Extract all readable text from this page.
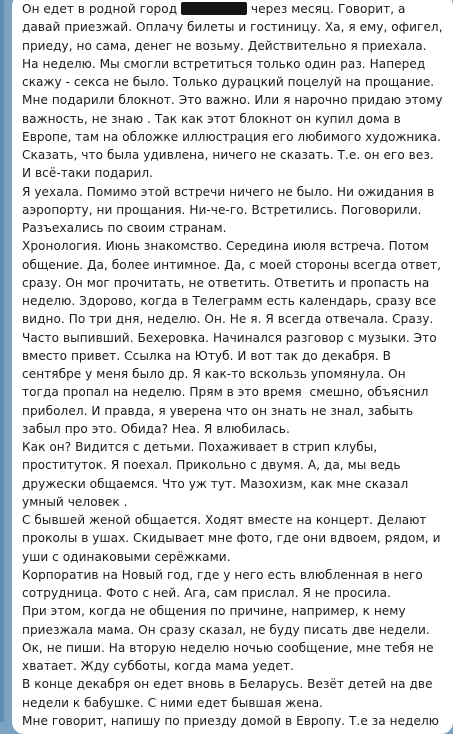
Он едет в родной город	через месяц. Говорит, а давай приезжай. Оплачу билеты и гостиницу. Ха, я ему, офигел, приеду, но сама, денег не возьму. Действительно я приехала. На неделю. Мы смогли встретиться только один раз. Наперед скажу - секса не было. Только дурацкий поцелуй на прощание. Мне подарили блокнот. Это важно. Или я нарочно придаю этому важность, не знаю . Так как этот блокнот он купил дома в Европе, там на обложке иллюстрация его любимого художника. Сказать, что была удивлена, ничего не сказать. Т.е. он его вез. И всё-таки подарил.

Я уехала. Помимо этой встречи ничего не было. Ни ожидания в аэропорту, ни прощания. Ни-че-го. Встретились. Поговорили. Разъехались по своим странам.

Хронология. Июнь знакомство. Середина июля встреча. Потом общение. Да, более интимное. Да, с моей стороны всегда ответ, сразу. Он мог прочитать, не ответить. Ответить и пропасть на неделю. Здорово, когда в Телеграмм есть календарь, сразу все видно. По три дня, неделю. Он. Не я. Я всегда отвечала. Сразу. Часто выпивший. Бехеровка. Начинался разговор с музыки. Это вместо привет. Ссылка на Ютуб. И вот так до декабря. В сентябре у меня было др. Я как-то вскользь упомянула. Он тогда пропал на неделю. Прям в это время  смешно, объяснил приболел. И правда, я уверена что он знать не знал, забыть забыл про это. Обида? Неа. Я влюбилась.

Как он? Видится с детьми. Похаживает в стрип клубы, проституток. Я поехал. Прикольно с двумя. А, да, мы ведь дружески общаемся. Что уж тут. Мазохизм, как мне сказал умный человек .

С бывшей женой общается. Ходят вместе на концерт. Делают проколы в ушах. Скидывает мне фото, где они вдвоем, рядом, и уши с одинаковыми серёжками.

Корпоратив на Новый год, где у него есть влюбленная в него сотрудница. Фото с ней. Ага, сам прислал. Я не просила.

При этом, когда не общения по причине, например, к нему приезжала мама. Он сразу сказал, не буду писать две недели. Ок, не пиши. На вторую неделю ночью сообщение, мне тебя не хватает. Жду субботы, когда мама уедет.

В конце декабря он едет вновь в Беларусь. Везёт детей на две недели к бабушке. С ними едет бывшая жена.

Мне говорит, напишу по приезду домой в Европу. Т.е за неделю
